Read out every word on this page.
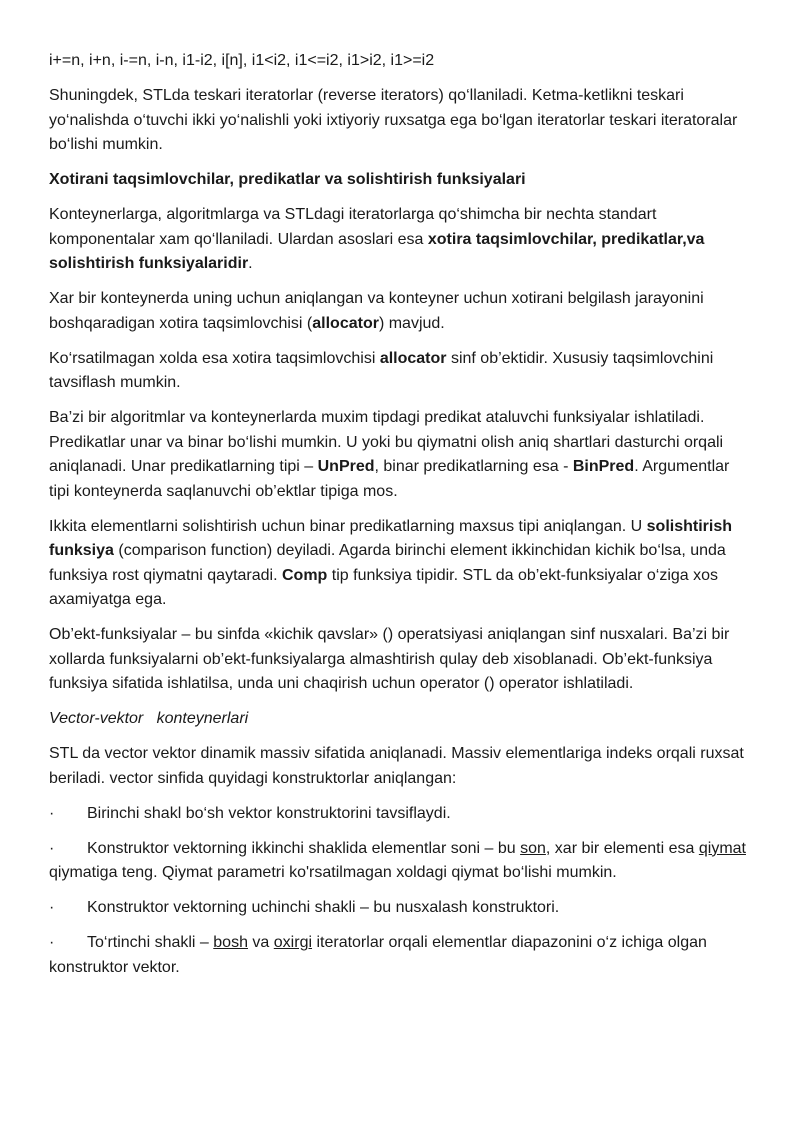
i+=n, i+n, i-=n, i-n, i1-i2, i[n], i1<i2, i1<=i2, i1>i2, i1>=i2

Shuningdek, STLda teskari iteratorlar (reverse iterators) qo‘llaniladi. Ketma-ketlikni teskari yo‘nalishda o‘tuvchi ikki yo‘nalishli yoki ixtiyoriy ruxsatga ega bo‘lgan iteratorlar teskari iteratoralar bo‘lishi mumkin.

Xotirani taqsimlovchilar, predikatlar va solishtirish funksiyalari

Konteynerlarga, algoritmlarga va STLdagi iteratorlarga qo‘shimcha bir nechta standart komponentalar xam qo‘llaniladi. Ulardan asoslari esa xotira taqsimlovchilar, predikatlar,va solishtirish funksiyalaridir.

Xar bir konteynerda uning uchun aniqlangan va konteyner uchun xotirani belgilash jarayonini boshqaradigan xotira taqsimlovchisi (allocator) mavjud.

Ko‘rsatilmagan xolda esa xotira taqsimlovchisi allocator sinf ob’ektidir. Xususiy taqsimlovchini tavsiflash mumkin.

Ba’zi bir algoritmlar va konteynerlarda muxim tipdagi predikat ataluvchi funksiyalar ishlatiladi. Predikatlar unar va binar bo‘lishi mumkin. U yoki bu qiymatni olish aniq shartlari dasturchi orqali aniqlanadi. Unar predikatlarning tipi – UnPred, binar predikatlarning esa - BinPred. Argumentlar tipi konteynerda saqlanuvchi ob’ektlar tipiga mos.

Ikkita elementlarni solishtirish uchun binar predikatlarning maxsus tipi aniqlangan. U solishtirish funksiya (comparison function) deyiladi. Agarda birinchi element ikkinchidan kichik bo‘lsa, unda funksiya rost qiymatni qaytaradi. Comp tip funksiya tipidir. STL da ob’ekt-funksiyalar o‘ziga xos axamiyatga ega.

Ob’ekt-funksiyalar – bu sinfda «kichik qavslar» () operatsiyasi aniqlangan sinf nusxalari. Ba’zi bir xollarda funksiyalarni ob’ekt-funksiyalarga almashtirish qulay deb xisoblanadi. Ob’ekt-funksiya funksiya sifatida ishlatilsa, unda uni chaqirish uchun operator () operator ishlatiladi.

Vector-vektor   konteynerlari

STL da vector vektor dinamik massiv sifatida aniqlanadi. Massiv elementlariga indeks orqali ruxsat beriladi. vector sinfida quyidagi konstruktorlar aniqlangan:

· Birinchi shakl bo‘sh vektor konstruktorini tavsiflaydi.

· Konstruktor vektorning ikkinchi shaklida elementlar soni – bu son, xar bir elementi esa qiymat qiymatiga teng. Qiymat parametri ko'rsatilmagan xoldagi qiymat bo‘lishi mumkin.

· Konstruktor vektorning uchinchi shakli – bu nusxalash konstruktori.

· To‘rtinchi shakli – bosh va oxirgi iteratorlar orqali elementlar diapazonini o‘z ichiga olgan konstruktor vektor.
